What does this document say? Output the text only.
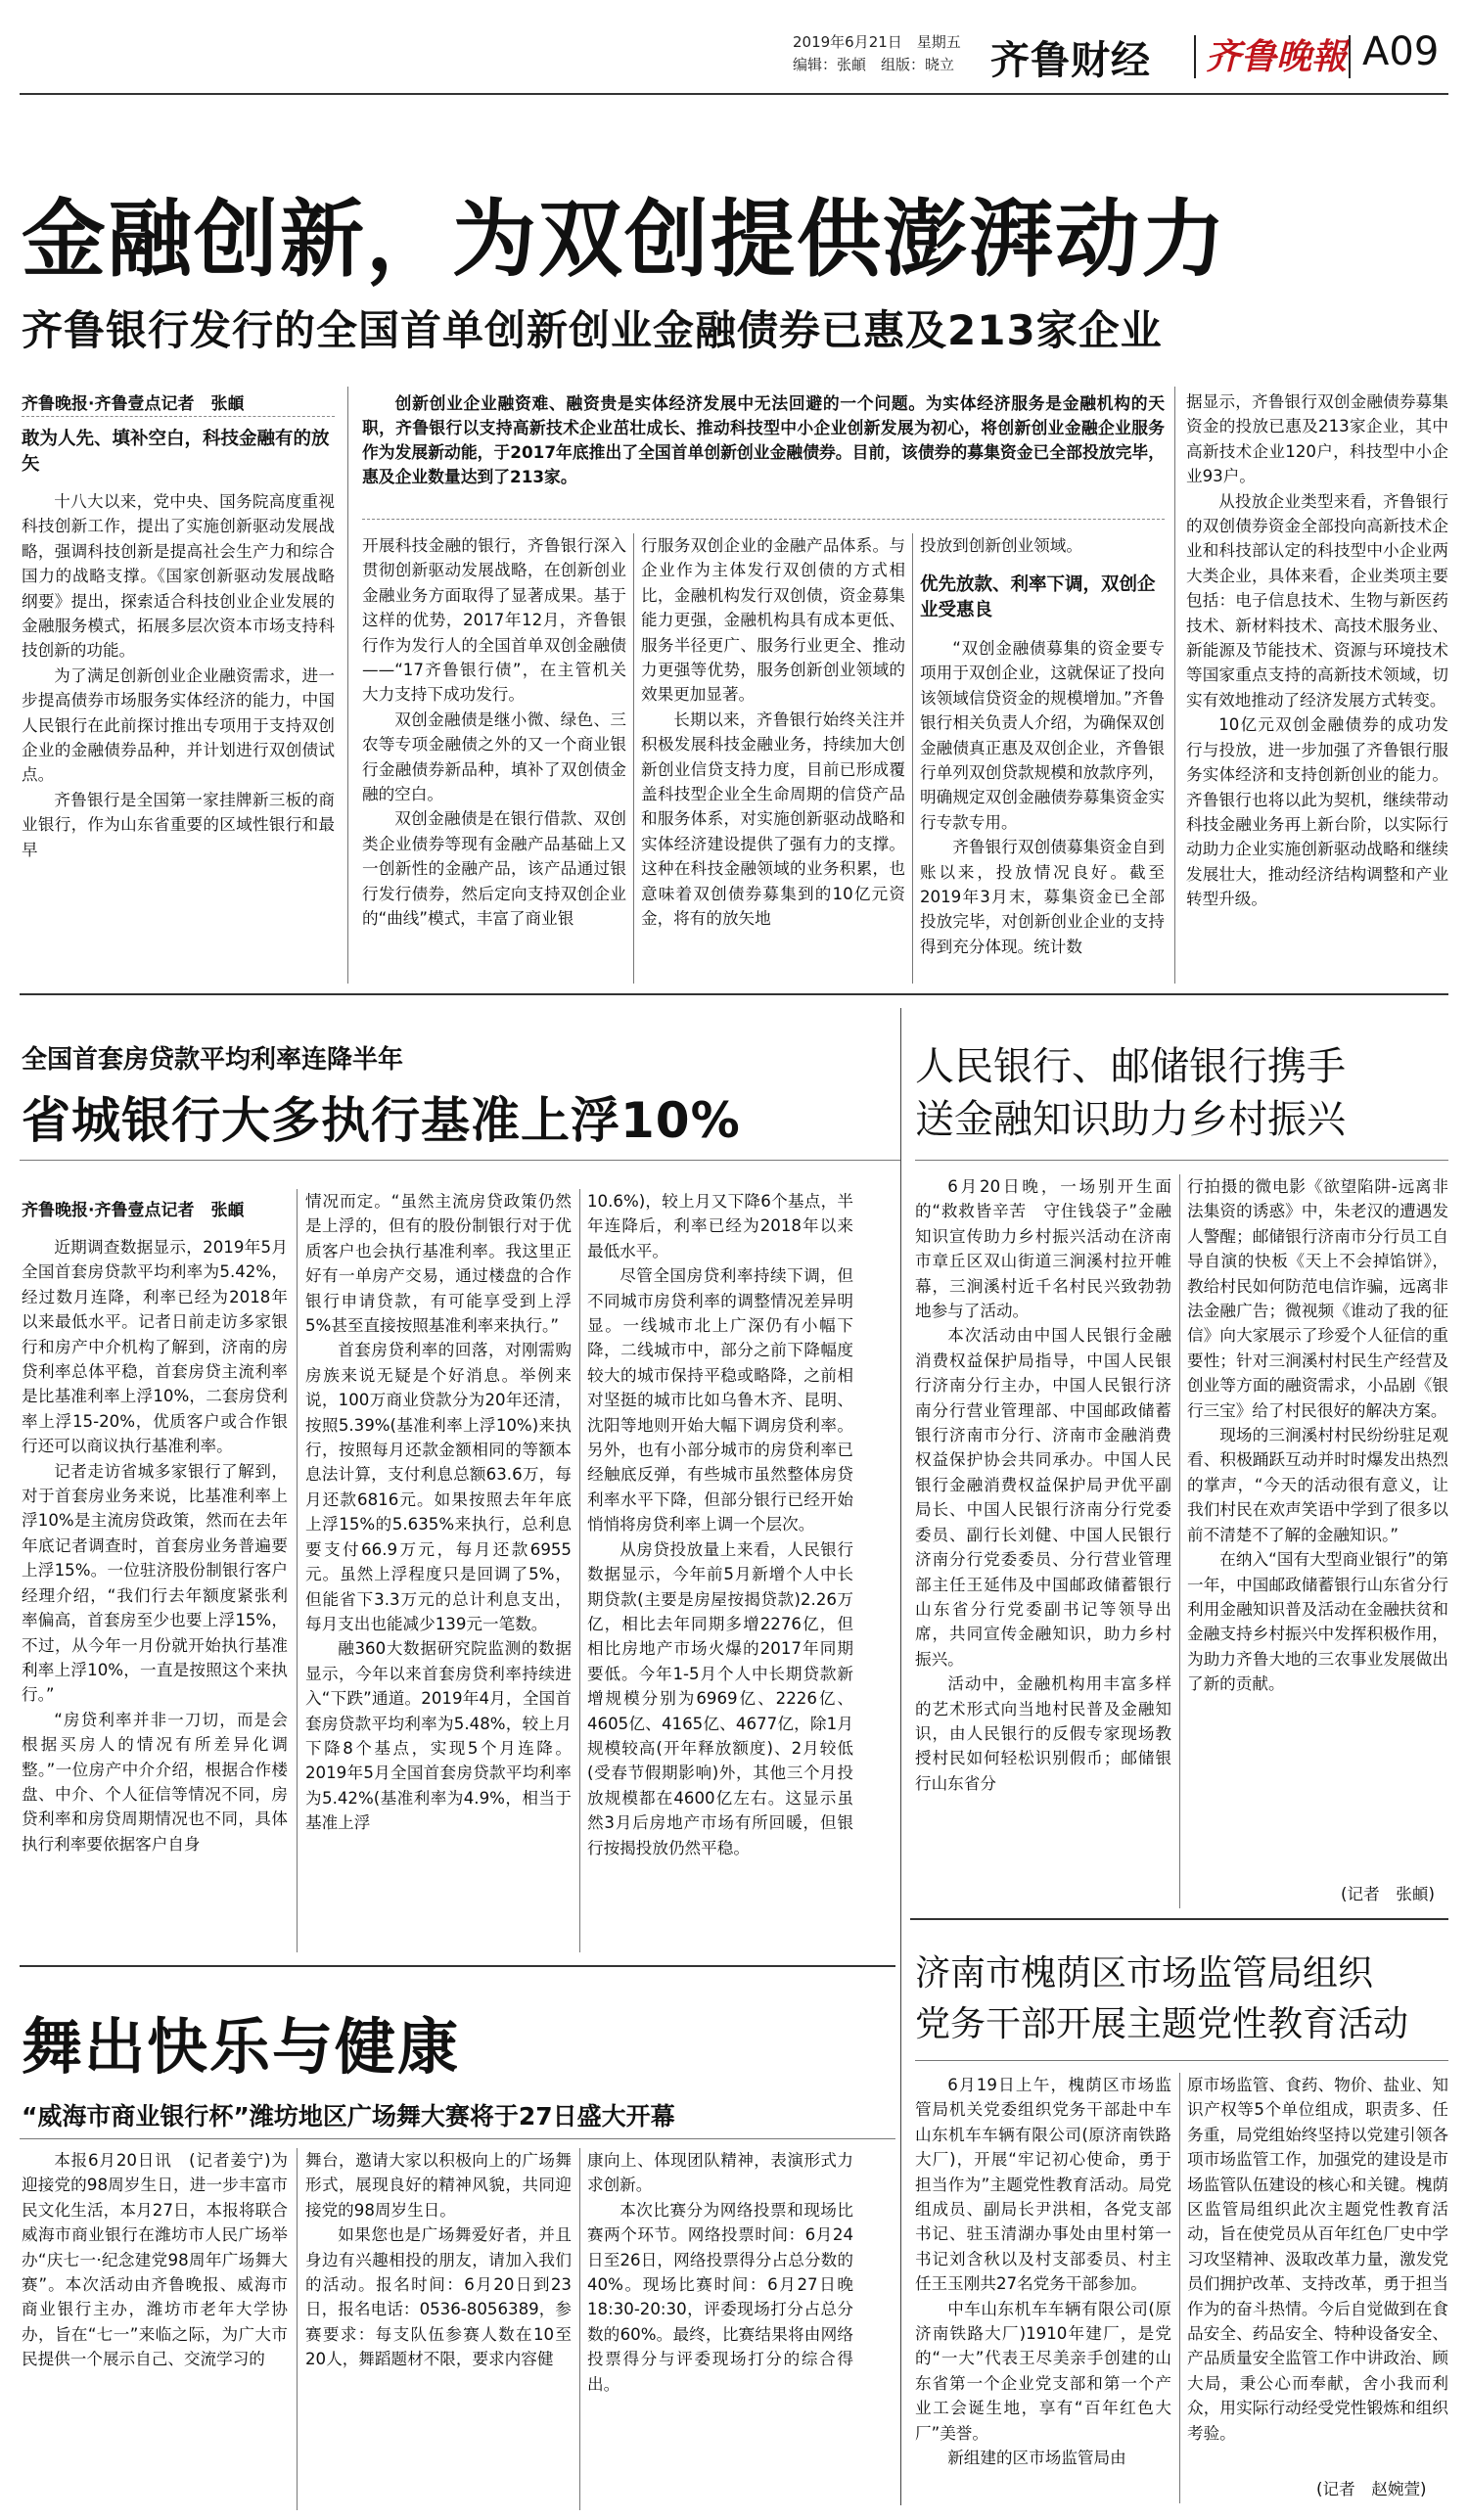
2019年6月21日　星期五
编辑：张頔　组版：晓立 齐鲁财经 齐鲁晚報 A09
金融创新，为双创提供澎湃动力
齐鲁银行发行的全国首单创新创业金融债券已惠及213家企业
齐鲁晚报·齐鲁壹点记者　张頔
敢为人先、填补空白，科技金融有的放矢

十八大以来，党中央、国务院高度重视科技创新工作，提出了实施创新驱动发展战略，强调科技创新是提高社会生产力和综合国力的战略支撑。《国家创新驱动发展战略纲要》提出，探索适合科技创业企业发展的金融服务模式，拓展多层次资本市场支持科技创新的功能。

为了满足创新创业企业融资需求，进一步提高债券市场服务实体经济的能力，中国人民银行在此前探讨推出专项用于支持双创企业的金融债券品种，并计划进行双创债试点。

齐鲁银行是全国第一家挂牌新三板的商业银行，作为山东省重要的区域性银行和最早

创新创业企业融资难、融资贵是实体经济发展中无法回避的一个问题。为实体经济服务是金融机构的天职，齐鲁银行以支持高新技术企业茁壮成长、推动科技型中小企业创新发展为初心，将创新创业金融企业服务作为发展新动能，于2017年底推出了全国首单创新创业金融债券。目前，该债券的募集资金已全部投放完毕，惠及企业数量达到了213家。

开展科技金融的银行，齐鲁银行深入贯彻创新驱动发展战略，在创新创业金融业务方面取得了显著成果。基于这样的优势，2017年12月，齐鲁银行作为发行人的全国首单双创金融债——“17齐鲁银行债”，在主管机关大力支持下成功发行。

双创金融债是继小微、绿色、三农等专项金融债之外的又一个商业银行金融债券新品种，填补了双创债金融的空白。

双创金融债是在银行借款、双创类企业债券等现有金融产品基础上又一创新性的金融产品，该产品通过银行发行债券，然后定向支持双创企业的“曲线”模式，丰富了商业银

行服务双创企业的金融产品体系。与企业作为主体发行双创债的方式相比，金融机构发行双创债，资金募集能力更强，金融机构具有成本更低、服务半径更广、服务行业更全、推动力更强等优势，服务创新创业领域的效果更加显著。

长期以来，齐鲁银行始终关注并积极发展科技金融业务，持续加大创新创业信贷支持力度，目前已形成覆盖科技型企业全生命周期的信贷产品和服务体系，对实施创新驱动战略和实体经济建设提供了强有力的支撑。这种在科技金融领域的业务积累，也意味着双创债券募集到的10亿元资金，将有的放矢地

投放到创新创业领域。

优先放款、利率下调，双创企业受惠良

“双创金融债募集的资金要专项用于双创企业，这就保证了投向该领域信贷资金的规模增加。”齐鲁银行相关负责人介绍，为确保双创金融债真正惠及双创企业，齐鲁银行单列双创贷款规模和放款序列，明确规定双创金融债券募集资金实行专款专用。

齐鲁银行双创债募集资金自到账以来，投放情况良好。截至2019年3月末，募集资金已全部投放完毕，对创新创业企业的支持得到充分体现。统计数

据显示，齐鲁银行双创金融债券募集资金的投放已惠及213家企业，其中高新技术企业120户，科技型中小企业93户。

从投放企业类型来看，齐鲁银行的双创债券资金全部投向高新技术企业和科技部认定的科技型中小企业两大类企业，具体来看，企业类项主要包括：电子信息技术、生物与新医药技术、新材料技术、高技术服务业、新能源及节能技术、资源与环境技术等国家重点支持的高新技术领域，切实有效地推动了经济发展方式转变。

10亿元双创金融债券的成功发行与投放，进一步加强了齐鲁银行服务实体经济和支持创新创业的能力。齐鲁银行也将以此为契机，继续带动科技金融业务再上新台阶，以实际行动助力企业实施创新驱动战略和继续发展壮大，推动经济结构调整和产业转型升级。

全国首套房贷款平均利率连降半年
省城银行大多执行基准上浮10%
齐鲁晚报·齐鲁壹点记者　张頔

近期调查数据显示，2019年5月全国首套房贷款平均利率为5.42%，经过数月连降，利率已经为2018年以来最低水平。记者日前走访多家银行和房产中介机构了解到，济南的房贷利率总体平稳，首套房贷主流利率是比基准利率上浮10%，二套房贷利率上浮15-20%，优质客户或合作银行还可以商议执行基准利率。

记者走访省城多家银行了解到，对于首套房业务来说，比基准利率上浮10%是主流房贷政策，然而在去年年底记者调查时，首套房业务普遍要上浮15%。一位驻济股份制银行客户经理介绍，“我们行去年额度紧张利率偏高，首套房至少也要上浮15%，不过，从今年一月份就开始执行基准利率上浮10%，一直是按照这个来执行。”

“房贷利率并非一刀切，而是会根据买房人的情况有所差异化调整。”一位房产中介介绍，根据合作楼盘、中介、个人征信等情况不同，房贷利率和房贷周期情况也不同，具体执行利率要依据客户自身

情况而定。“虽然主流房贷政策仍然是上浮的，但有的股份制银行对于优质客户也会执行基准利率。我这里正好有一单房产交易，通过楼盘的合作银行申请贷款，有可能享受到上浮5%甚至直接按照基准利率来执行。”

首套房贷利率的回落，对刚需购房族来说无疑是个好消息。举例来说，100万商业贷款分为20年还清，按照5.39%(基准利率上浮10%)来执行，按照每月还款金额相同的等额本息法计算，支付利息总额63.6万，每月还款6816元。如果按照去年年底上浮15%的5.635%来执行，总利息要支付66.9万元，每月还款6955元。虽然上浮程度只是回调了5%，但能省下3.3万元的总计利息支出，每月支出也能减少139元一笔数。

融360大数据研究院监测的数据显示，今年以来首套房贷利率持续进入“下跌”通道。2019年4月，全国首套房贷款平均利率为5.48%，较上月下降8个基点，实现5个月连降。2019年5月全国首套房贷款平均利率为5.42%(基准利率为4.9%，相当于基准上浮

10.6%)，较上月又下降6个基点，半年连降后，利率已经为2018年以来最低水平。

尽管全国房贷利率持续下调，但不同城市房贷利率的调整情况差异明显。一线城市北上广深仍有小幅下降，二线城市中，部分之前下降幅度较大的城市保持平稳或略降，之前相对坚挺的城市比如乌鲁木齐、昆明、沈阳等地则开始大幅下调房贷利率。另外，也有小部分城市的房贷利率已经触底反弹，有些城市虽然整体房贷利率水平下降，但部分银行已经开始悄悄将房贷利率上调一个层次。

从房贷投放量上来看，人民银行数据显示，今年前5月新增个人中长期贷款(主要是房屋按揭贷款)2.26万亿，相比去年同期多增2276亿，但相比房地产市场火爆的2017年同期要低。今年1-5月个人中长期贷款新增规模分别为6969亿、2226亿、4605亿、4165亿、4677亿，除1月规模较高(开年释放额度)、2月较低(受春节假期影响)外，其他三个月投放规模都在4600亿左右。这显示虽然3月后房地产市场有所回暖，但银行按揭投放仍然平稳。

人民银行、邮储银行携手
送金融知识助力乡村振兴

6月20日晚，一场别开生面的“救救皆辛苦　守住钱袋子”金融知识宣传助力乡村振兴活动在济南市章丘区双山街道三涧溪村拉开帷幕，三涧溪村近千名村民兴致勃勃地参与了活动。

本次活动由中国人民银行金融消费权益保护局指导，中国人民银行济南分行主办，中国人民银行济南分行营业管理部、中国邮政储蓄银行济南市分行、济南市金融消费权益保护协会共同承办。中国人民银行金融消费权益保护局尹优平副局长、中国人民银行济南分行党委委员、副行长刘健、中国人民银行济南分行党委委员、分行营业管理部主任王延伟及中国邮政储蓄银行山东省分行党委副书记等领导出席，共同宣传金融知识，助力乡村振兴。

活动中，金融机构用丰富多样的艺术形式向当地村民普及金融知识，由人民银行的反假专家现场教授村民如何轻松识别假币；邮储银行山东省分

行拍摄的微电影《欲望陷阱-远离非法集资的诱惑》中，朱老汉的遭遇发人警醒；邮储银行济南市分行员工自导自演的快板《天上不会掉馅饼》，教给村民如何防范电信诈骗，远离非法金融广告；微视频《谁动了我的征信》向大家展示了珍爱个人征信的重要性；针对三涧溪村村民生产经营及创业等方面的融资需求，小品剧《银行三宝》给了村民很好的解决方案。

现场的三涧溪村村民纷纷驻足观看、积极踊跃互动并时时爆发出热烈的掌声，“今天的活动很有意义，让我们村民在欢声笑语中学到了很多以前不清楚不了解的金融知识。”

在纳入“国有大型商业银行”的第一年，中国邮政储蓄银行山东省分行利用金融知识普及活动在金融扶贫和金融支持乡村振兴中发挥积极作用，为助力齐鲁大地的三农事业发展做出了新的贡献。

(记者　张頔)
济南市槐荫区市场监管局组织
党务干部开展主题党性教育活动

6月19日上午，槐荫区市场监管局机关党委组织党务干部赴中车山东机车车辆有限公司(原济南铁路大厂)，开展“牢记初心使命，勇于担当作为”主题党性教育活动。局党组成员、副局长尹洪相，各党支部书记、驻玉清湖办事处由里村第一书记刘含秋以及村支部委员、村主任王玉刚共27名党务干部参加。

中车山东机车车辆有限公司(原济南铁路大厂)1910年建厂，是党的“一大”代表王尽美亲手创建的山东省第一个企业党支部和第一个产业工会诞生地，享有“百年红色大厂”美誉。

新组建的区市场监管局由

原市场监管、食药、物价、盐业、知识产权等5个单位组成，职责多、任务重，局党组始终坚持以党建引领各项市场监管工作，加强党的建设是市场监管队伍建设的核心和关键。槐荫区监管局组织此次主题党性教育活动，旨在使党员从百年红色厂史中学习攻坚精神、汲取改革力量，激发党员们拥护改革、支持改革，勇于担当作为的奋斗热情。今后自觉做到在食品安全、药品安全、特种设备安全、产品质量安全监管工作中讲政治、顾大局，秉公心而奉献，舍小我而利众，用实际行动经受党性锻炼和组织考验。

(记者　赵婉萱)
舞出快乐与健康
“威海市商业银行杯”潍坊地区广场舞大赛将于27日盛大开幕

本报6月20日讯　(记者姜宁)为迎接党的98周岁生日，进一步丰富市民文化生活，本月27日，本报将联合威海市商业银行在潍坊市人民广场举办“庆七一·纪念建党98周年广场舞大赛”。本次活动由齐鲁晚报、威海市商业银行主办，潍坊市老年大学协办，旨在“七一”来临之际，为广大市民提供一个展示自己、交流学习的

舞台，邀请大家以积极向上的广场舞形式，展现良好的精神风貌，共同迎接党的98周岁生日。

如果您也是广场舞爱好者，并且身边有兴趣相投的朋友，请加入我们的活动。报名时间：6月20日到23日，报名电话：0536-8056389，参赛要求：每支队伍参赛人数在10至20人，舞蹈题材不限，要求内容健

康向上、体现团队精神，表演形式力求创新。

本次比赛分为网络投票和现场比赛两个环节。网络投票时间：6月24日至26日，网络投票得分占总分数的40%。现场比赛时间：6月27日晚18:30-20:30，评委现场打分占总分数的60%。最终，比赛结果将由网络投票得分与评委现场打分的综合得出。
